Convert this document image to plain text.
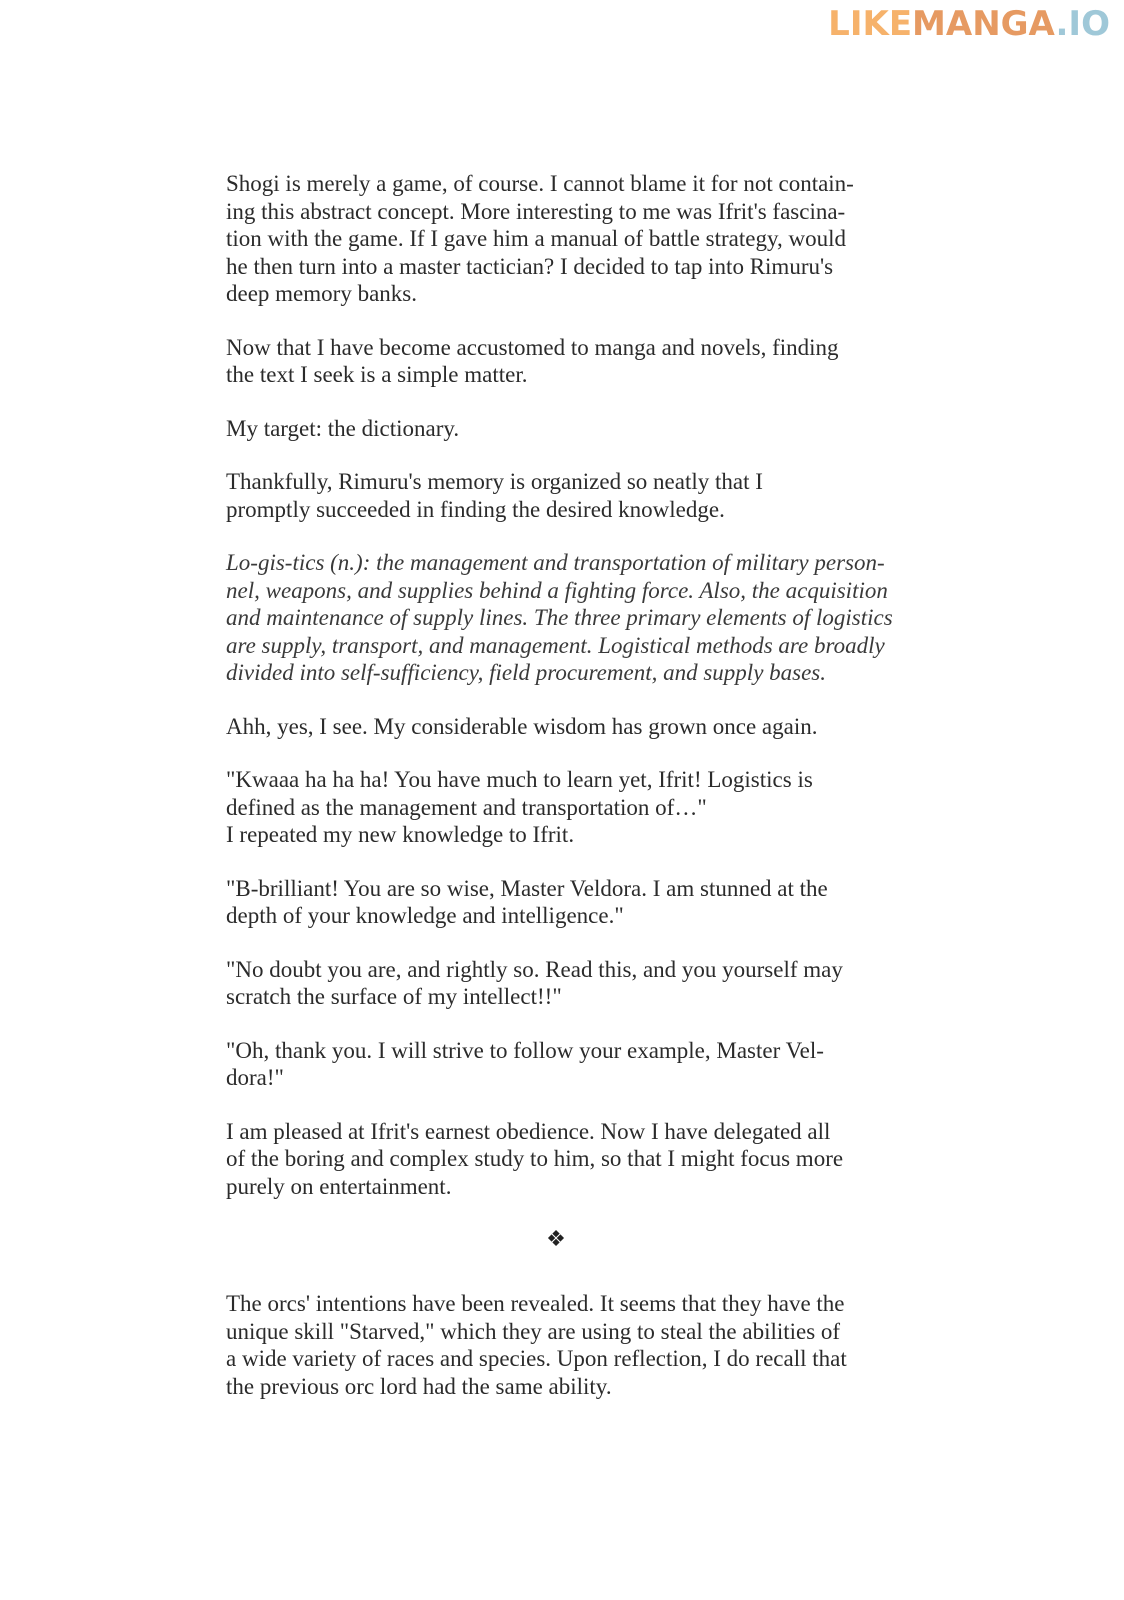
LIKEMANGA.IO

Shogi is merely a game, of course. I cannot blame it for not contain-
ing this abstract concept. More interesting to me was Ifrit's fascina-
tion with the game. If I gave him a manual of battle strategy, would
he then turn into a master tactician? I decided to tap into Rimuru's
deep memory banks.

Now that I have become accustomed to manga and novels, finding
the text I seek is a simple matter.

My target: the dictionary.

Thankfully, Rimuru's memory is organized so neatly that I
promptly succeeded in finding the desired knowledge.

Lo-gis-tics (n.): the management and transportation of military person-
nel, weapons, and supplies behind a fighting force. Also, the acquisition
and maintenance of supply lines. The three primary elements of logistics
are supply, transport, and management. Logistical methods are broadly
divided into self-sufficiency, field procurement, and supply bases.

Ahh, yes, I see. My considerable wisdom has grown once again.

"Kwaaa ha ha ha! You have much to learn yet, Ifrit! Logistics is
defined as the management and transportation of…"
I repeated my new knowledge to Ifrit.

"B-brilliant! You are so wise, Master Veldora. I am stunned at the
depth of your knowledge and intelligence."

"No doubt you are, and rightly so. Read this, and you yourself may
scratch the surface of my intellect!!"

"Oh, thank you. I will strive to follow your example, Master Vel-
dora!"

I am pleased at Ifrit's earnest obedience. Now I have delegated all
of the boring and complex study to him, so that I might focus more
purely on entertainment.

❖

The orcs' intentions have been revealed. It seems that they have the
unique skill "Starved," which they are using to steal the abilities of
a wide variety of races and species. Upon reflection, I do recall that
the previous orc lord had the same ability.
